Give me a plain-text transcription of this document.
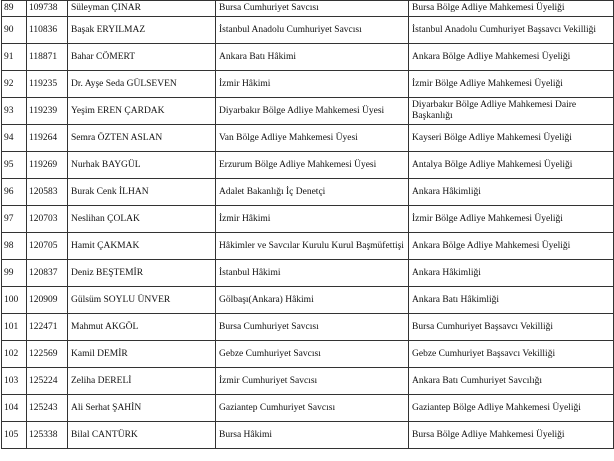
89	109738	Süleyman ÇINAR	Bursa Cumhuriyet Savcısı	Bursa Bölge Adliye Mahkemesi Üyeliği
90	110836	Başak ERYILMAZ	İstanbul Anadolu Cumhuriyet Savcısı	İstanbul Anadolu Cumhuriyet Başsavcı Vekilliği
91	118871	Bahar CÖMERT	Ankara Batı Hâkimi	Ankara Bölge Adliye Mahkemesi Üyeliği
92	119235	Dr. Ayşe Seda GÜLSEVEN	İzmir Hâkimi	İzmir Bölge Adliye Mahkemesi Üyeliği
93	119239	Yeşim EREN ÇARDAK	Diyarbakır Bölge Adliye Mahkemesi Üyesi	Diyarbakır Bölge Adliye Mahkemesi Daire Başkanlığı
94	119264	Semra ÖZTEN ASLAN	Van Bölge Adliye Mahkemesi Üyesi	Kayseri Bölge Adliye Mahkemesi Üyeliği
95	119269	Nurhak BAYGÜL	Erzurum Bölge Adliye Mahkemesi Üyesi	Antalya Bölge Adliye Mahkemesi Üyeliği
96	120583	Burak Cenk İLHAN	Adalet Bakanlığı İç Denetçi	Ankara Hâkimliği
97	120703	Neslihan ÇOLAK	İzmir Hâkimi	İzmir Bölge Adliye Mahkemesi Üyeliği
98	120705	Hamit ÇAKMAK	Hâkimler ve Savcılar Kurulu Kurul Başmüfettişi	Ankara Bölge Adliye Mahkemesi Üyeliği
99	120837	Deniz BEŞTEMİR	İstanbul Hâkimi	Ankara Hâkimliği
100	120909	Gülsüm SOYLU ÜNVER	Gölbaşı(Ankara) Hâkimi	Ankara Batı Hâkimliği
101	122471	Mahmut AKGÖL	Bursa Cumhuriyet Savcısı	Bursa Cumhuriyet Başsavcı Vekilliği
102	122569	Kamil DEMİR	Gebze Cumhuriyet Savcısı	Gebze Cumhuriyet Başsavcı Vekilliği
103	125224	Zeliha DERELİ	İzmir Cumhuriyet Savcısı	Ankara Batı Cumhuriyet Savcılığı
104	125243	Ali Serhat ŞAHİN	Gaziantep Cumhuriyet Savcısı	Gaziantep Bölge Adliye Mahkemesi Üyeliği
105	125338	Bilal CANTÜRK	Bursa Hâkimi	Bursa Bölge Adliye Mahkemesi Üyeliği
